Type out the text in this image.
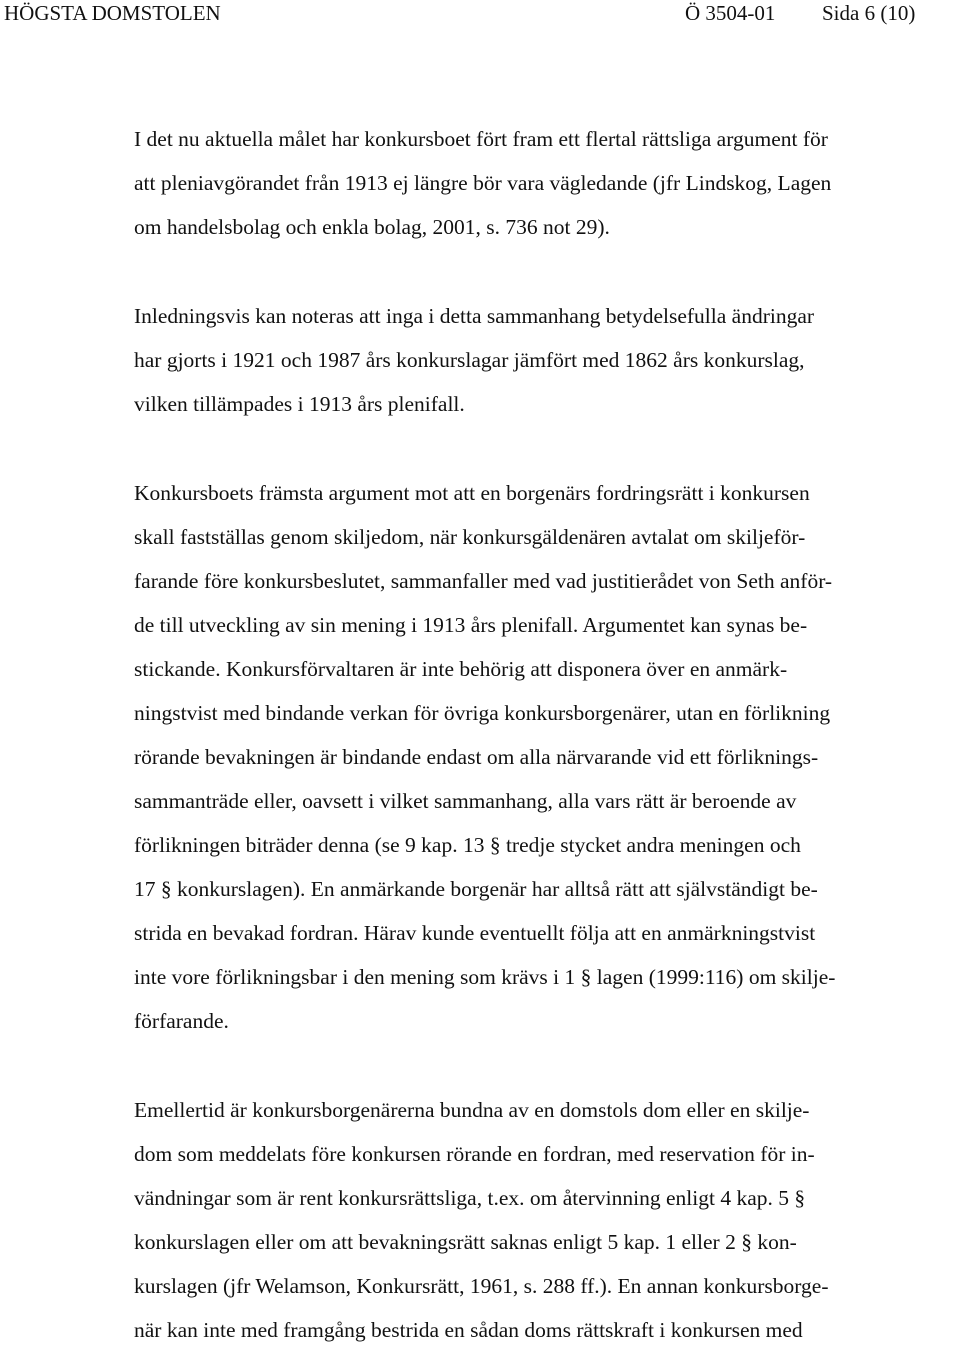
HÖGSTA DOMSTOLEN	Ö 3504-01 Sida 6 (10)

I det nu aktuella målet har konkursboet fört fram ett flertal rättsliga argument för
att pleniavgörandet från 1913 ej längre bör vara vägledande (jfr Lindskog, Lagen
om handelsbolag och enkla bolag, 2001, s. 736 not 29).

Inledningsvis kan noteras att inga i detta sammanhang betydelsefulla ändringar
har gjorts i 1921 och 1987 års konkurslagar jämfört med 1862 års konkurslag,
vilken tillämpades i 1913 års plenifall.

Konkursboets främsta argument mot att en borgenärs fordringsrätt i konkursen
skall fastställas genom skiljedom, när konkursgäldenären avtalat om skiljeför-
farande före konkursbeslutet, sammanfaller med vad justitierådet von Seth anför-
de till utveckling av sin mening i 1913 års plenifall. Argumentet kan synas be-
stickande. Konkursförvaltaren är inte behörig att disponera över en anmärk-
ningstvist med bindande verkan för övriga konkursborgenärer, utan en förlikning
rörande bevakningen är bindande endast om alla närvarande vid ett förliknings-
sammanträde eller, oavsett i vilket sammanhang, alla vars rätt är beroende av
förlikningen biträder denna (se 9 kap. 13 § tredje stycket andra meningen och
17 § konkurslagen). En anmärkande borgenär har alltså rätt att självständigt be-
strida en bevakad fordran. Härav kunde eventuellt följa att en anmärkningstvist
inte vore förlikningsbar i den mening som krävs i 1 § lagen (1999:116) om skilje-
förfarande.

Emellertid är konkursborgenärerna bundna av en domstols dom eller en skilje-
dom som meddelats före konkursen rörande en fordran, med reservation för in-
vändningar som är rent konkursrättsliga, t.ex. om återvinning enligt 4 kap. 5 §
konkurslagen eller om att bevakningsrätt saknas enligt 5 kap. 1 eller 2 § kon-
kurslagen (jfr Welamson, Konkursrätt, 1961, s. 288 ff.). En annan konkursborge-
när kan inte med framgång bestrida en sådan doms rättskraft i konkursen med
